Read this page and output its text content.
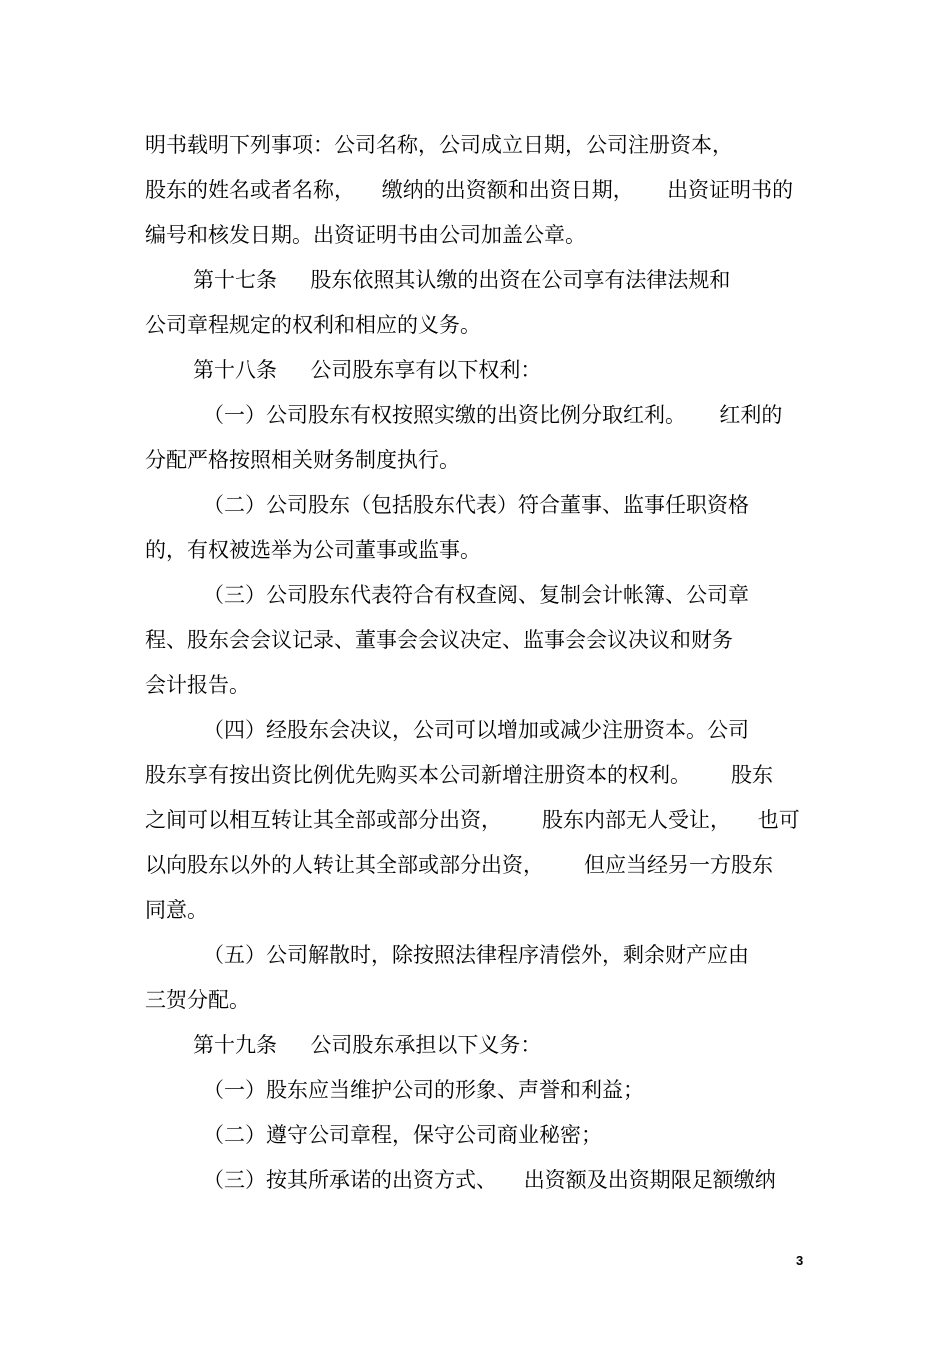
明书载明下列事项：公司名称，公司成立日期，公司注册资本，
股东的姓名或者名称，    缴纳的出资额和出资日期，     出资证明书的
编号和核发日期。出资证明书由公司加盖公章。
第十七条     股东依照其认缴的出资在公司享有法律法规和
公司章程规定的权利和相应的义务。
第十八条     公司股东享有以下权利：
（一）公司股东有权按照实缴的出资比例分取红利。     红利的
分配严格按照相关财务制度执行。
（二）公司股东（包括股东代表）符合董事、监事任职资格
的，有权被选举为公司董事或监事。
（三）公司股东代表符合有权查阅、复制会计帐簿、公司章
程、股东会会议记录、董事会会议决定、监事会会议决议和财务
会计报告。
（四）经股东会决议，公司可以增加或减少注册资本。公司
股东享有按出资比例优先购买本公司新增注册资本的权利。      股东
之间可以相互转让其全部或部分出资，      股东内部无人受让，    也可
以向股东以外的人转让其全部或部分出资，      但应当经另一方股东
同意。
（五）公司解散时，除按照法律程序清偿外，剩余财产应由
三贺分配。
第十九条     公司股东承担以下义务：
（一）股东应当维护公司的形象、声誉和利益；
（二）遵守公司章程，保守公司商业秘密；
（三）按其所承诺的出资方式、    出资额及出资期限足额缴纳
3
